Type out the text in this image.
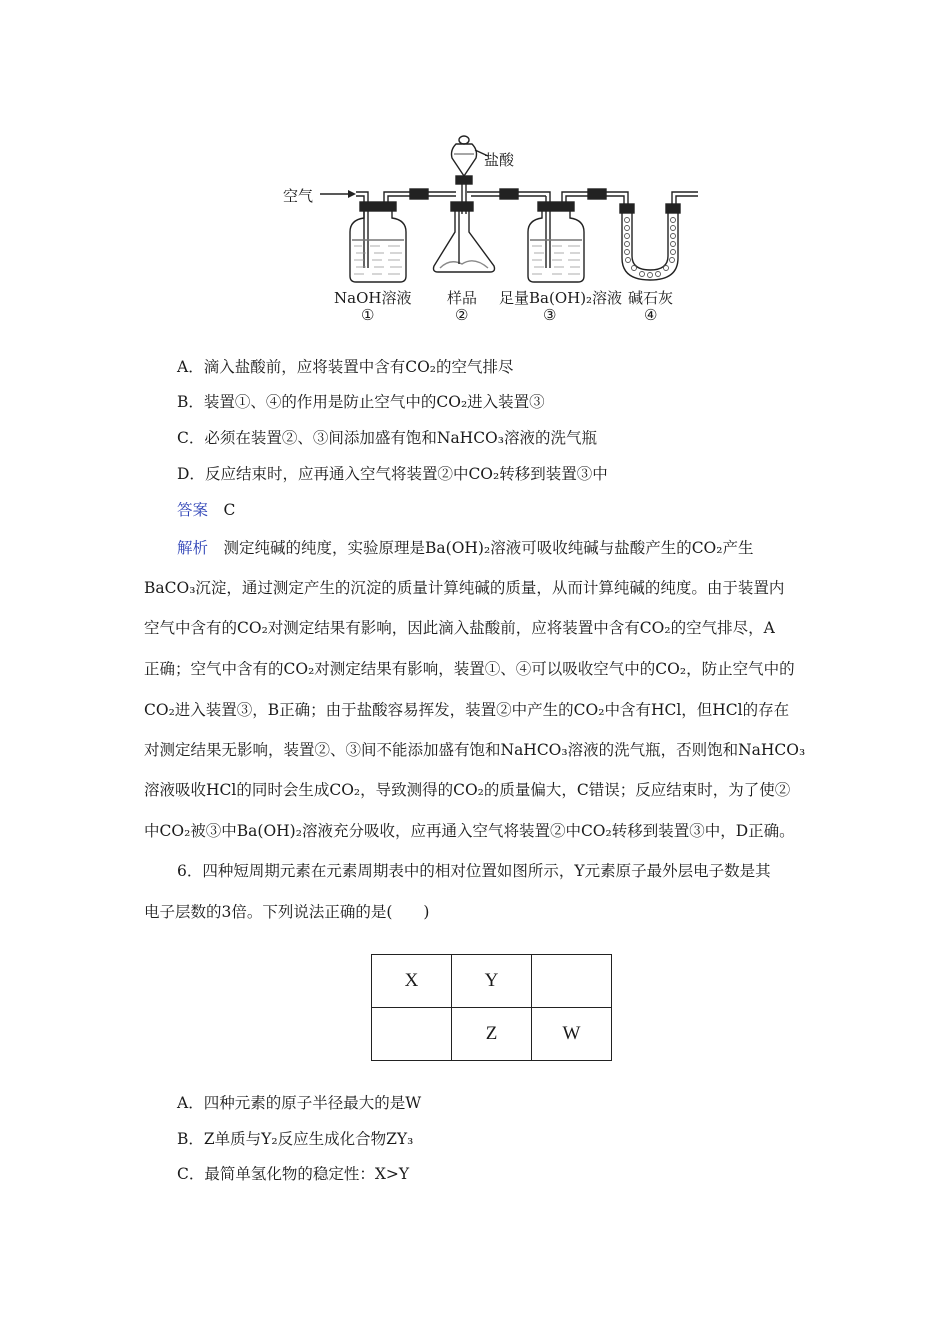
空气
盐酸
NaOH溶液
①
样品
②
足量Ba(OH)₂溶液
③
碱石灰
④
A．滴入盐酸前，应将装置中含有CO₂的空气排尽
B．装置①、④的作用是防止空气中的CO₂进入装置③
C．必须在装置②、③间添加盛有饱和NaHCO₃溶液的洗气瓶
D．反应结束时，应再通入空气将装置②中CO₂转移到装置③中
答案　 C
解析　 测定纯碱的纯度，实验原理是Ba(OH)₂溶液可吸收纯碱与盐酸产生的CO₂产生
BaCO₃沉淀，通过测定产生的沉淀的质量计算纯碱的质量，从而计算纯碱的纯度。由于装置内
空气中含有的CO₂对测定结果有影响，因此滴入盐酸前，应将装置中含有CO₂的空气排尽，A
正确；空气中含有的CO₂对测定结果有影响，装置①、④可以吸收空气中的CO₂，防止空气中的
CO₂进入装置③，B正确；由于盐酸容易挥发，装置②中产生的CO₂中含有HCl，但HCl的存在
对测定结果无影响，装置②、③间不能添加盛有饱和NaHCO₃溶液的洗气瓶，否则饱和NaHCO₃
溶液吸收HCl的同时会生成CO₂，导致测得的CO₂的质量偏大，C错误；反应结束时，为了使②
中CO₂被③中Ba(OH)₂溶液充分吸收，应再通入空气将装置②中CO₂转移到装置③中，D正确。
6．四种短周期元素在元素周期表中的相对位置如图所示，Y元素原子最外层电子数是其
电子层数的3倍。下列说法正确的是(　　)
X	Y	
	Z	W
A．四种元素的原子半径最大的是W
B．Z单质与Y₂反应生成化合物ZY₃
C．最简单氢化物的稳定性：X>Y
